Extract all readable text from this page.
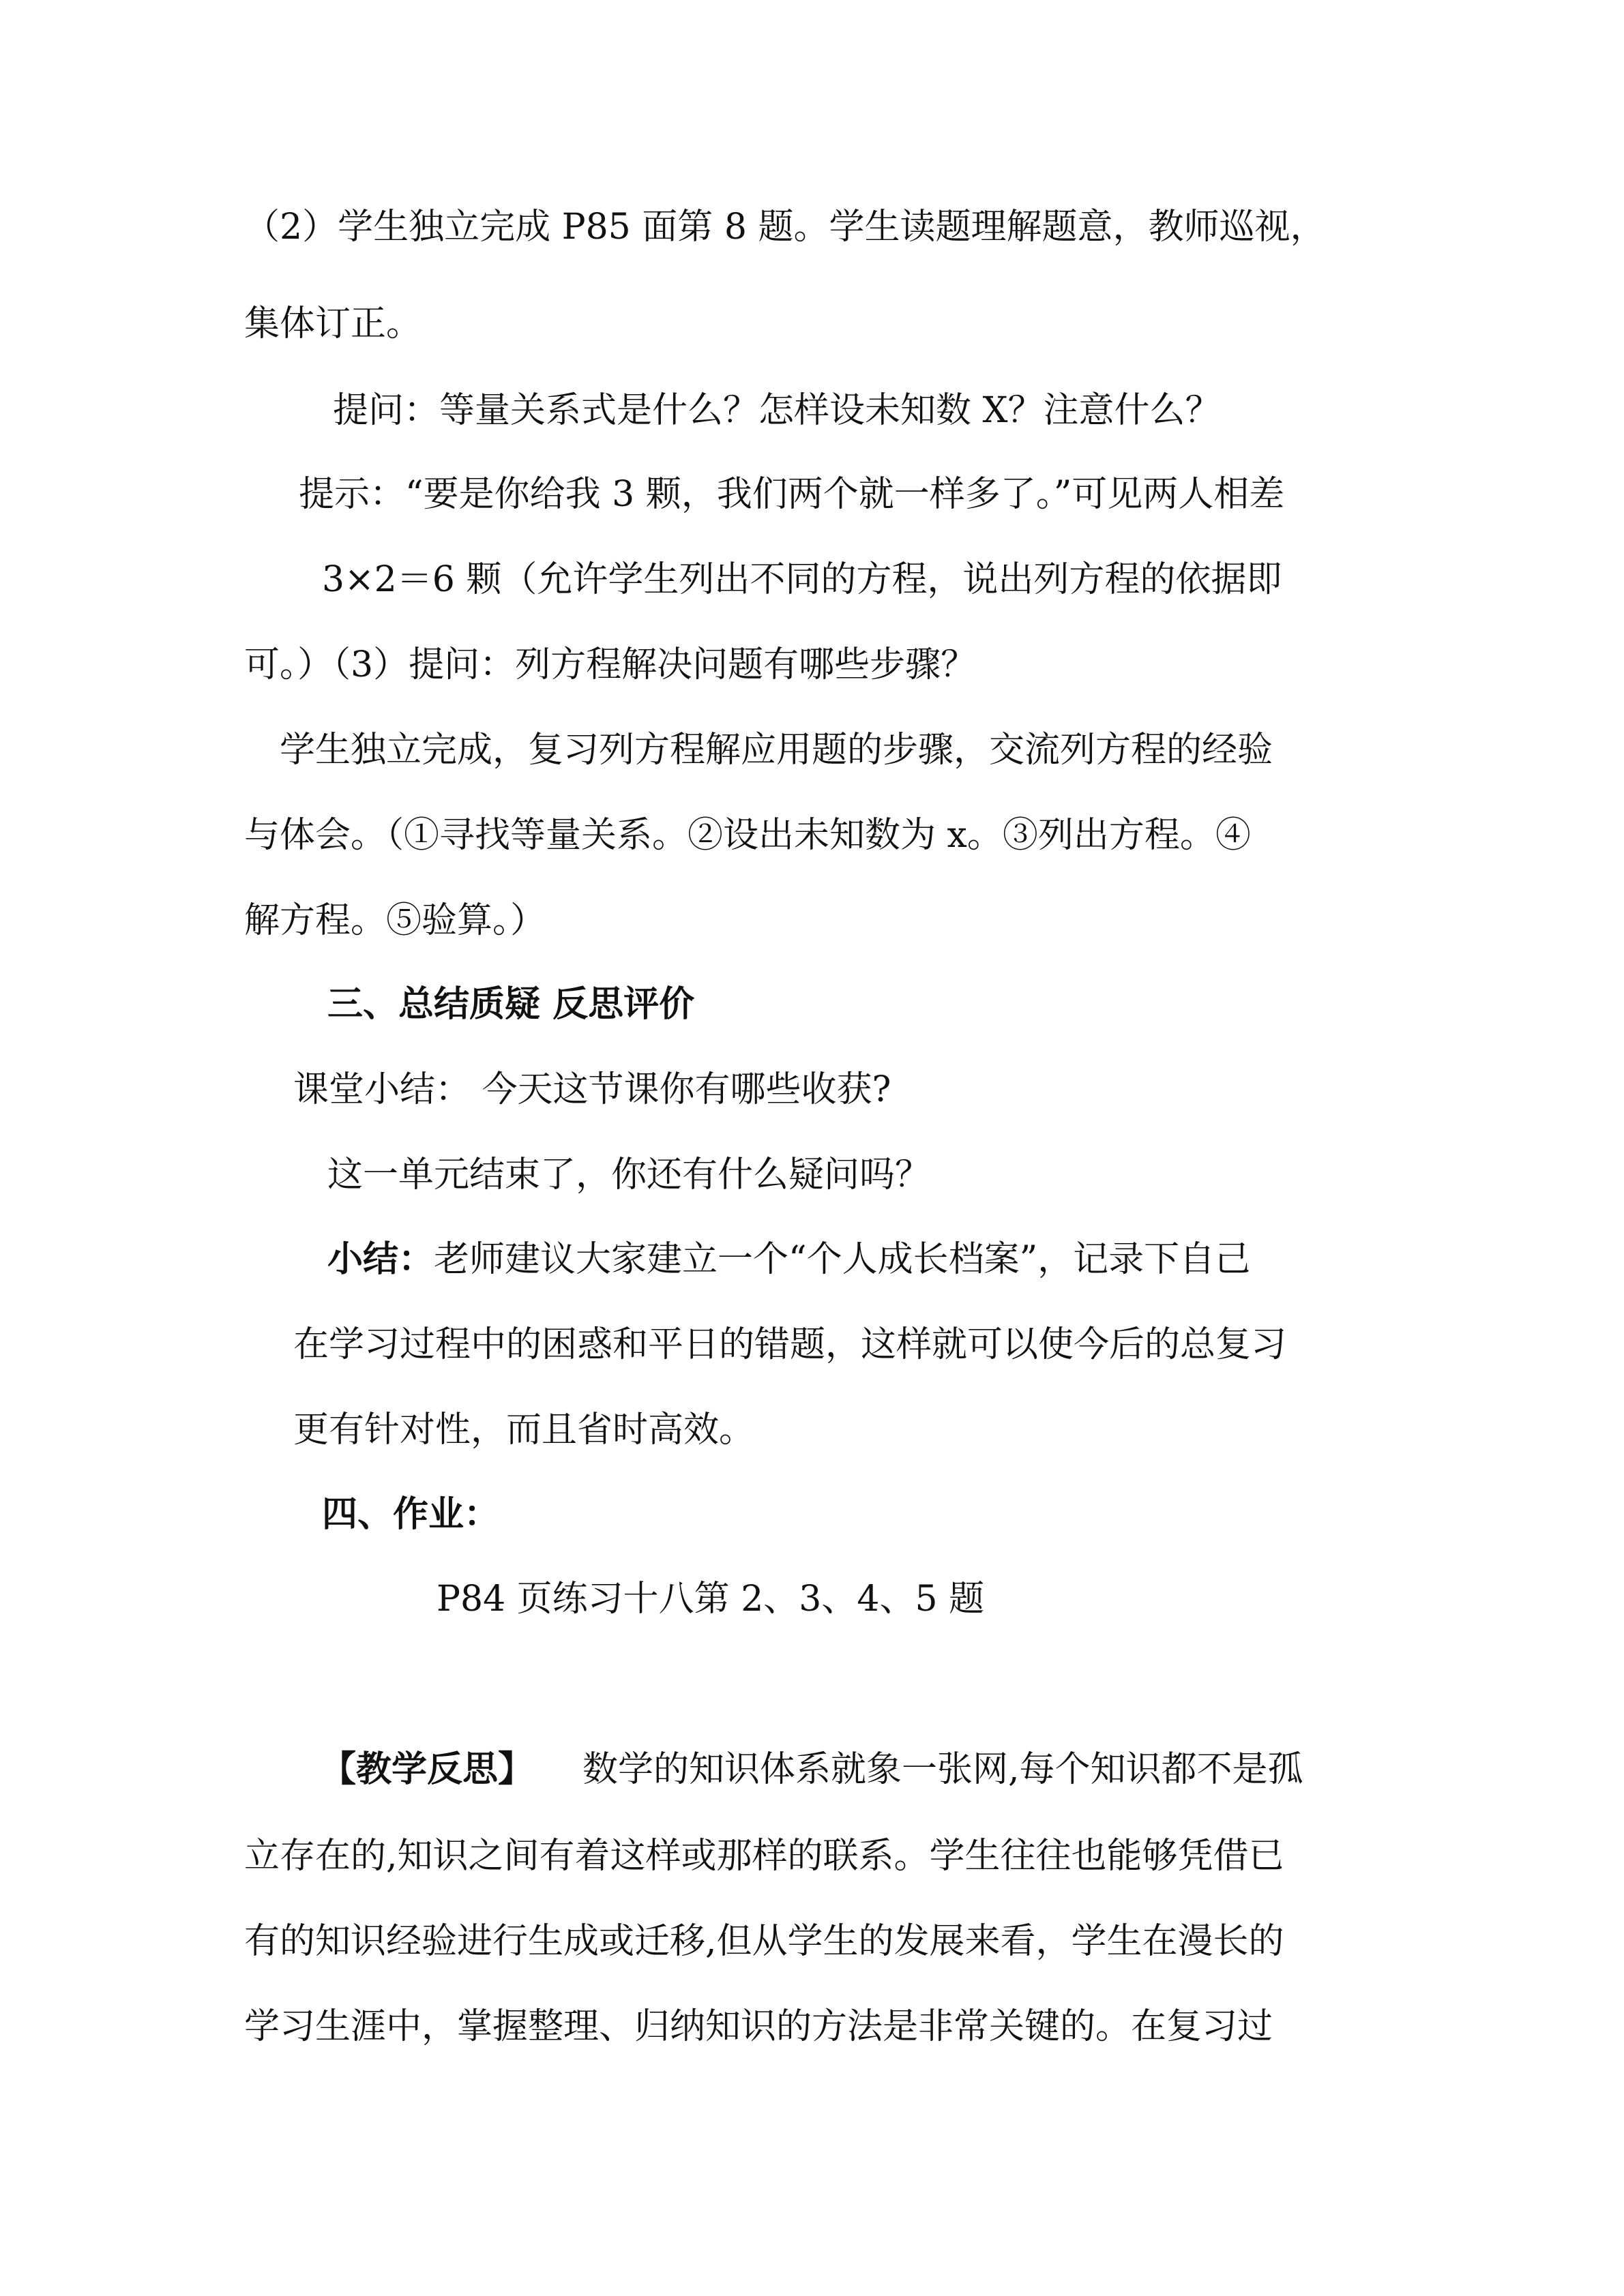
（2）学生独立完成 P85 面第 8 题。学生读题理解题意，教师巡视，
集体订正。
提问：等量关系式是什么？怎样设未知数 X？注意什么？
提示：“要是你给我 3 颗，我们两个就一样多了。”可见两人相差
3×2＝6 颗（允许学生列出不同的方程，说出列方程的依据即
可。）（3）提问：列方程解决问题有哪些步骤？
学生独立完成，复习列方程解应用题的步骤，交流列方程的经验
与体会。（①寻找等量关系。②设出未知数为 x。③列出方程。④
解方程。⑤验算。）
三、总结质疑 反思评价
课堂小结： 今天这节课你有哪些收获?
这一单元结束了，你还有什么疑问吗？
小结：老师建议大家建立一个“个人成长档案”，记录下自己
在学习过程中的困惑和平日的错题，这样就可以使今后的总复习
更有针对性，而且省时高效。
四、作业：
P84 页练习十八第 2、3、4、5 题
【教学反思】 数学的知识体系就象一张网,每个知识都不是孤
立存在的,知识之间有着这样或那样的联系。学生往往也能够凭借已
有的知识经验进行生成或迁移,但从学生的发展来看，学生在漫长的
学习生涯中，掌握整理、归纳知识的方法是非常关键的。在复习过
